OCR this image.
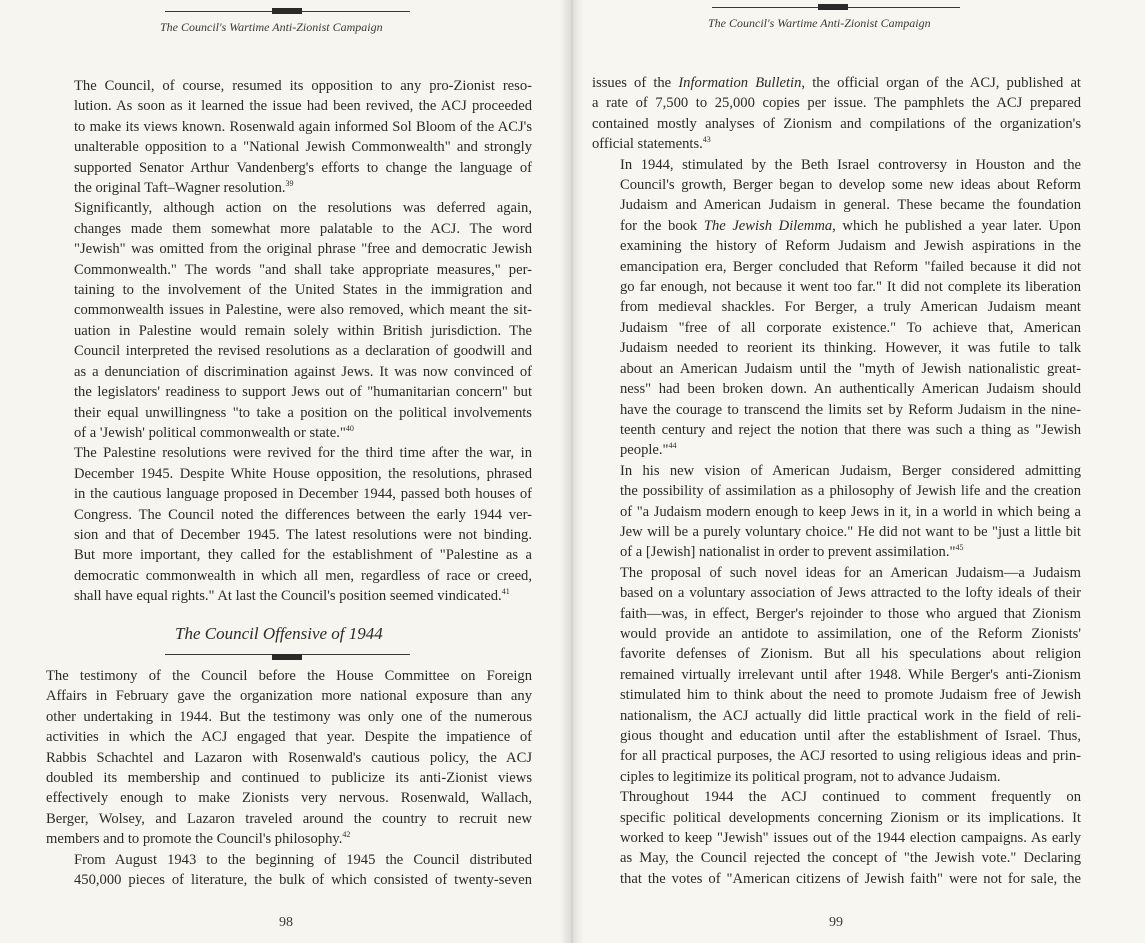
The Council's Wartime Anti-Zionist Campaign

The Council, of course, resumed its opposition to any pro-Zionist reso-
lution. As soon as it learned the issue had been revived, the ACJ proceeded
to make its views known. Rosenwald again informed Sol Bloom of the ACJ's
unalterable opposition to a "National Jewish Commonwealth" and strongly
supported Senator Arthur Vandenberg's efforts to change the language of
the original Taft–Wagner resolution.$^{39}$

Significantly, although action on the resolutions was deferred again,
changes made them somewhat more palatable to the ACJ. The word
"Jewish" was omitted from the original phrase "free and democratic Jewish
Commonwealth." The words "and shall take appropriate measures," per-
taining to the involvement of the United States in the immigration and
commonwealth issues in Palestine, were also removed, which meant the sit-
uation in Palestine would remain solely within British jurisdiction. The
Council interpreted the revised resolutions as a declaration of goodwill and
as a denunciation of discrimination against Jews. It was now convinced of
the legislators' readiness to support Jews out of "humanitarian concern" but
their equal unwillingness "to take a position on the political involvements
of a 'Jewish' political commonwealth or state."$^{40}$

The Palestine resolutions were revived for the third time after the war, in
December 1945. Despite White House opposition, the resolutions, phrased
in the cautious language proposed in December 1944, passed both houses of
Congress. The Council noted the differences between the early 1944 ver-
sion and that of December 1945. The latest resolutions were not binding.
But more important, they called for the establishment of "Palestine as a
democratic commonwealth in which all men, regardless of race or creed,
shall have equal rights." At last the Council's position seemed vindicated.$^{41}$

The Council Offensive of 1944

The testimony of the Council before the House Committee on Foreign
Affairs in February gave the organization more national exposure than any
other undertaking in 1944. But the testimony was only one of the numerous
activities in which the ACJ engaged that year. Despite the impatience of
Rabbis Schachtel and Lazaron with Rosenwald's cautious policy, the ACJ
doubled its membership and continued to publicize its anti-Zionist views
effectively enough to make Zionists very nervous. Rosenwald, Wallach,
Berger, Wolsey, and Lazaron traveled around the country to recruit new
members and to promote the Council's philosophy.$^{42}$

From August 1943 to the beginning of 1945 the Council distributed
450,000 pieces of literature, the bulk of which consisted of twenty-seven

98
The Council's Wartime Anti-Zionist Campaign

issues of the Information Bulletin, the official organ of the ACJ, published at
a rate of 7,500 to 25,000 copies per issue. The pamphlets the ACJ prepared
contained mostly analyses of Zionism and compilations of the organization's
official statements.$^{43}$

In 1944, stimulated by the Beth Israel controversy in Houston and the
Council's growth, Berger began to develop some new ideas about Reform
Judaism and American Judaism in general. These became the foundation
for the book The Jewish Dilemma, which he published a year later. Upon
examining the history of Reform Judaism and Jewish aspirations in the
emancipation era, Berger concluded that Reform "failed because it did not
go far enough, not because it went too far." It did not complete its liberation
from medieval shackles. For Berger, a truly American Judaism meant
Judaism "free of all corporate existence." To achieve that, American
Judaism needed to reorient its thinking. However, it was futile to talk
about an American Judaism until the "myth of Jewish nationalistic great-
ness" had been broken down. An authentically American Judaism should
have the courage to transcend the limits set by Reform Judaism in the nine-
teenth century and reject the notion that there was such a thing as "Jewish
people."$^{44}$

In his new vision of American Judaism, Berger considered admitting
the possibility of assimilation as a philosophy of Jewish life and the creation
of "a Judaism modern enough to keep Jews in it, in a world in which being a
Jew will be a purely voluntary choice." He did not want to be "just a little bit
of a [Jewish] nationalist in order to prevent assimilation."$^{45}$

The proposal of such novel ideas for an American Judaism—a Judaism
based on a voluntary association of Jews attracted to the lofty ideals of their
faith—was, in effect, Berger's rejoinder to those who argued that Zionism
would provide an antidote to assimilation, one of the Reform Zionists'
favorite defenses of Zionism. But all his speculations about religion
remained virtually irrelevant until after 1948. While Berger's anti-Zionism
stimulated him to think about the need to promote Judaism free of Jewish
nationalism, the ACJ actually did little practical work in the field of reli-
gious thought and education until after the establishment of Israel. Thus,
for all practical purposes, the ACJ resorted to using religious ideas and prin-
ciples to legitimize its political program, not to advance Judaism.

Throughout 1944 the ACJ continued to comment frequently on
specific political developments concerning Zionism or its implications. It
worked to keep "Jewish" issues out of the 1944 election campaigns. As early
as May, the Council rejected the concept of "the Jewish vote." Declaring
that the votes of "American citizens of Jewish faith" were not for sale, the

99
